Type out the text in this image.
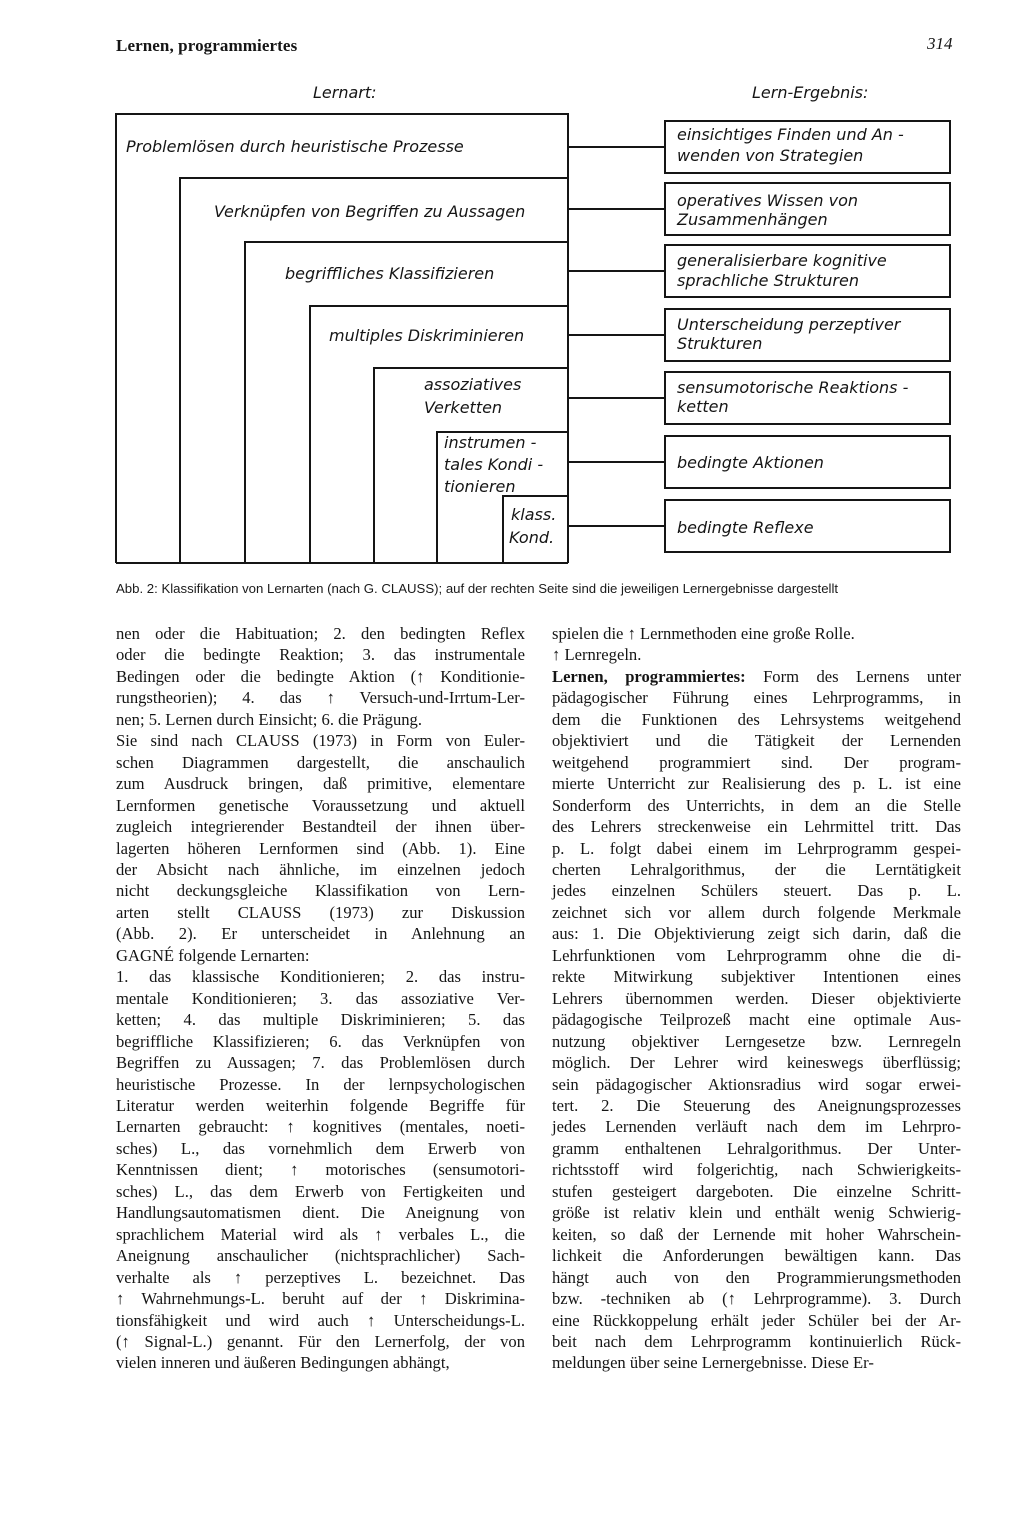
Lernen, programmiertes	314
Lernart:	Lern-Ergebnis:
Problemlösen durch heuristische Prozesse
Verknüpfen von Begriffen zu Aussagen
begriffliches Klassifizieren
multiples Diskriminieren
assoziatives
Verketten
instrumen -
tales Kondi -
tionieren
klass.
Kond.
einsichtiges Finden und An -
wenden von Strategien
operatives Wissen von
Zusammenhängen
generalisierbare kognitive
sprachliche Strukturen
Unterscheidung perzeptiver
Strukturen
sensumotorische Reaktions -
ketten
bedingte Aktionen
bedingte Reflexe
Abb. 2: Klassifikation von Lernarten (nach G. CLAUSS); auf der rechten Seite sind die jeweiligen Lernergebnisse dargestellt
nen oder die Habituation; 2. den bedingten Reflex
oder die bedingte Reaktion; 3. das instrumentale
Bedingen oder die bedingte Aktion (↑ Konditionie-
rungstheorien); 4. das ↑ Versuch-und-Irrtum-Ler-
nen; 5. Lernen durch Einsicht; 6. die Prägung.
Sie sind nach CLAUSS (1973) in Form von Euler-
schen Diagrammen dargestellt, die anschaulich
zum Ausdruck bringen, daß primitive, elementare
Lernformen genetische Voraussetzung und aktuell
zugleich integrierender Bestandteil der ihnen über-
lagerten höheren Lernformen sind (Abb. 1). Eine
der Absicht nach ähnliche, im einzelnen jedoch
nicht deckungsgleiche Klassifikation von Lern-
arten stellt CLAUSS (1973) zur Diskussion
(Abb. 2). Er unterscheidet in Anlehnung an
GAGNÉ folgende Lernarten:
1. das klassische Konditionieren; 2. das instru-
mentale Konditionieren; 3. das assoziative Ver-
ketten; 4. das multiple Diskriminieren; 5. das
begriffliche Klassifizieren; 6. das Verknüpfen von
Begriffen zu Aussagen; 7. das Problemlösen durch
heuristische Prozesse. In der lernpsychologischen
Literatur werden weiterhin folgende Begriffe für
Lernarten gebraucht: ↑ kognitives (mentales, noeti-
sches) L., das vornehmlich dem Erwerb von
Kenntnissen dient; ↑ motorisches (sensumotori-
sches) L., das dem Erwerb von Fertigkeiten und
Handlungsautomatismen dient. Die Aneignung von
sprachlichem Material wird als ↑ verbales L., die
Aneignung anschaulicher (nichtsprachlicher) Sach-
verhalte als ↑ perzeptives L. bezeichnet. Das
↑ Wahrnehmungs-L. beruht auf der ↑ Diskrimina-
tionsfähigkeit und wird auch ↑ Unterscheidungs-L.
(↑ Signal-L.) genannt. Für den Lernerfolg, der von
vielen inneren und äußeren Bedingungen abhängt,
spielen die ↑ Lernmethoden eine große Rolle.
↑ Lernregeln.
Lernen, programmiertes: Form des Lernens unter
pädagogischer Führung eines Lehrprogramms, in
dem die Funktionen des Lehrsystems weitgehend
objektiviert und die Tätigkeit der Lernenden
weitgehend programmiert sind. Der program-
mierte Unterricht zur Realisierung des p. L. ist eine
Sonderform des Unterrichts, in dem an die Stelle
des Lehrers streckenweise ein Lehrmittel tritt. Das
p. L. folgt dabei einem im Lehrprogramm gespei-
cherten Lehralgorithmus, der die Lerntätigkeit
jedes einzelnen Schülers steuert. Das p. L.
zeichnet sich vor allem durch folgende Merkmale
aus: 1. Die Objektivierung zeigt sich darin, daß die
Lehrfunktionen vom Lehrprogramm ohne die di-
rekte Mitwirkung subjektiver Intentionen eines
Lehrers übernommen werden. Dieser objektivierte
pädagogische Teilprozeß macht eine optimale Aus-
nutzung objektiver Lerngesetze bzw. Lernregeln
möglich. Der Lehrer wird keineswegs überflüssig;
sein pädagogischer Aktionsradius wird sogar erwei-
tert. 2. Die Steuerung des Aneignungsprozesses
jedes Lernenden verläuft nach dem im Lehrpro-
gramm enthaltenen Lehralgorithmus. Der Unter-
richtsstoff wird folgerichtig, nach Schwierigkeits-
stufen gesteigert dargeboten. Die einzelne Schritt-
größe ist relativ klein und enthält wenig Schwierig-
keiten, so daß der Lernende mit hoher Wahrschein-
lichkeit die Anforderungen bewältigen kann. Das
hängt auch von den Programmierungsmethoden
bzw. -techniken ab (↑ Lehrprogramme). 3. Durch
eine Rückkoppelung erhält jeder Schüler bei der Ar-
beit nach dem Lehrprogramm kontinuierlich Rück-
meldungen über seine Lernergebnisse. Diese Er-
